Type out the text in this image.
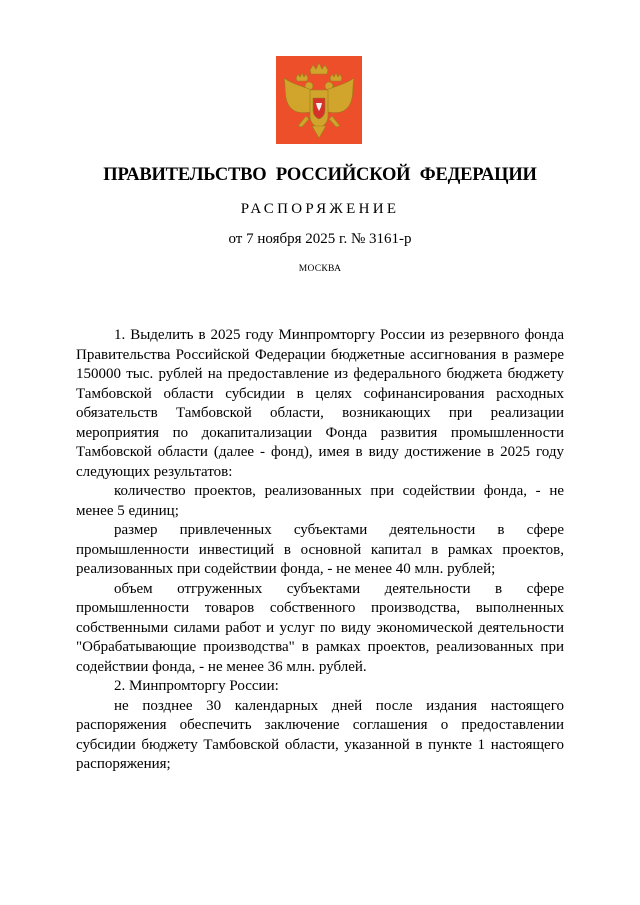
ПРАВИТЕЛЬСТВО РОССИЙСКОЙ ФЕДЕРАЦИИ
РАСПОРЯЖЕНИЕ
от 7 ноября 2025 г. № 3161-р
МОСКВА

1. Выделить в 2025 году Минпромторгу России из резервного фонда Правительства Российской Федерации бюджетные ассигнования в размере 150000 тыс. рублей на предоставление из федерального бюджета бюджету Тамбовской области субсидии в целях софинансирования расходных обязательств Тамбовской области, возникающих при реализации мероприятия по докапитализации Фонда развития промышленности Тамбовской области (далее - фонд), имея в виду достижение в 2025 году следующих результатов:

количество проектов, реализованных при содействии фонда, - не менее 5 единиц;

размер привлеченных субъектами деятельности в сфере промышленности инвестиций в основной капитал в рамках проектов, реализованных при содействии фонда, - не менее 40 млн. рублей;

объем отгруженных субъектами деятельности в сфере промышленности товаров собственного производства, выполненных собственными силами работ и услуг по виду экономической деятельности "Обрабатывающие производства" в рамках проектов, реализованных при содействии фонда, - не менее 36 млн. рублей.

2. Минпромторгу России:

не позднее 30 календарных дней после издания настоящего распоряжения обеспечить заключение соглашения о предоставлении субсидии бюджету Тамбовской области, указанной в пункте 1 настоящего распоряжения;
